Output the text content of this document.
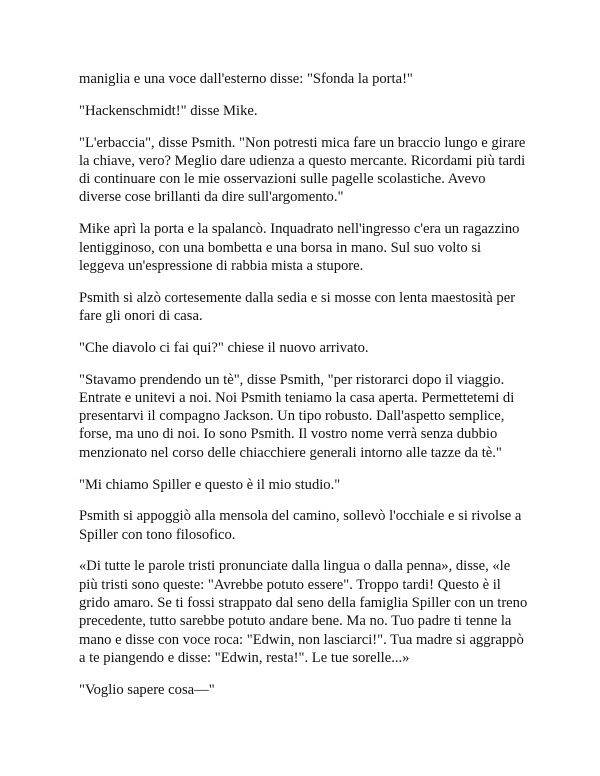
maniglia e una voce dall'esterno disse: "Sfonda la porta!"

"Hackenschmidt!" disse Mike.

"L'erbaccia", disse Psmith. "Non potresti mica fare un braccio lungo e girare la chiave, vero? Meglio dare udienza a questo mercante. Ricordami più tardi di continuare con le mie osservazioni sulle pagelle scolastiche. Avevo diverse cose brillanti da dire sull'argomento."

Mike aprì la porta e la spalancò. Inquadrato nell'ingresso c'era un ragazzino lentigginoso, con una bombetta e una borsa in mano. Sul suo volto si leggeva un'espressione di rabbia mista a stupore.

Psmith si alzò cortesemente dalla sedia e si mosse con lenta maestosità per fare gli onori di casa.

"Che diavolo ci fai qui?" chiese il nuovo arrivato.

"Stavamo prendendo un tè", disse Psmith, "per ristorarci dopo il viaggio. Entrate e unitevi a noi. Noi Psmith teniamo la casa aperta. Permettetemi di presentarvi il compagno Jackson. Un tipo robusto. Dall'aspetto semplice, forse, ma uno di noi. Io sono Psmith. Il vostro nome verrà senza dubbio menzionato nel corso delle chiacchiere generali intorno alle tazze da tè."

"Mi chiamo Spiller e questo è il mio studio."

Psmith si appoggiò alla mensola del camino, sollevò l'occhiale e si rivolse a Spiller con tono filosofico.

«Di tutte le parole tristi pronunciate dalla lingua o dalla penna», disse, «le più tristi sono queste: "Avrebbe potuto essere". Troppo tardi! Questo è il grido amaro. Se ti fossi strappato dal seno della famiglia Spiller con un treno precedente, tutto sarebbe potuto andare bene. Ma no. Tuo padre ti tenne la mano e disse con voce roca: "Edwin, non lasciarci!". Tua madre si aggrappò a te piangendo e disse: "Edwin, resta!". Le tue sorelle...»

"Voglio sapere cosa—"
